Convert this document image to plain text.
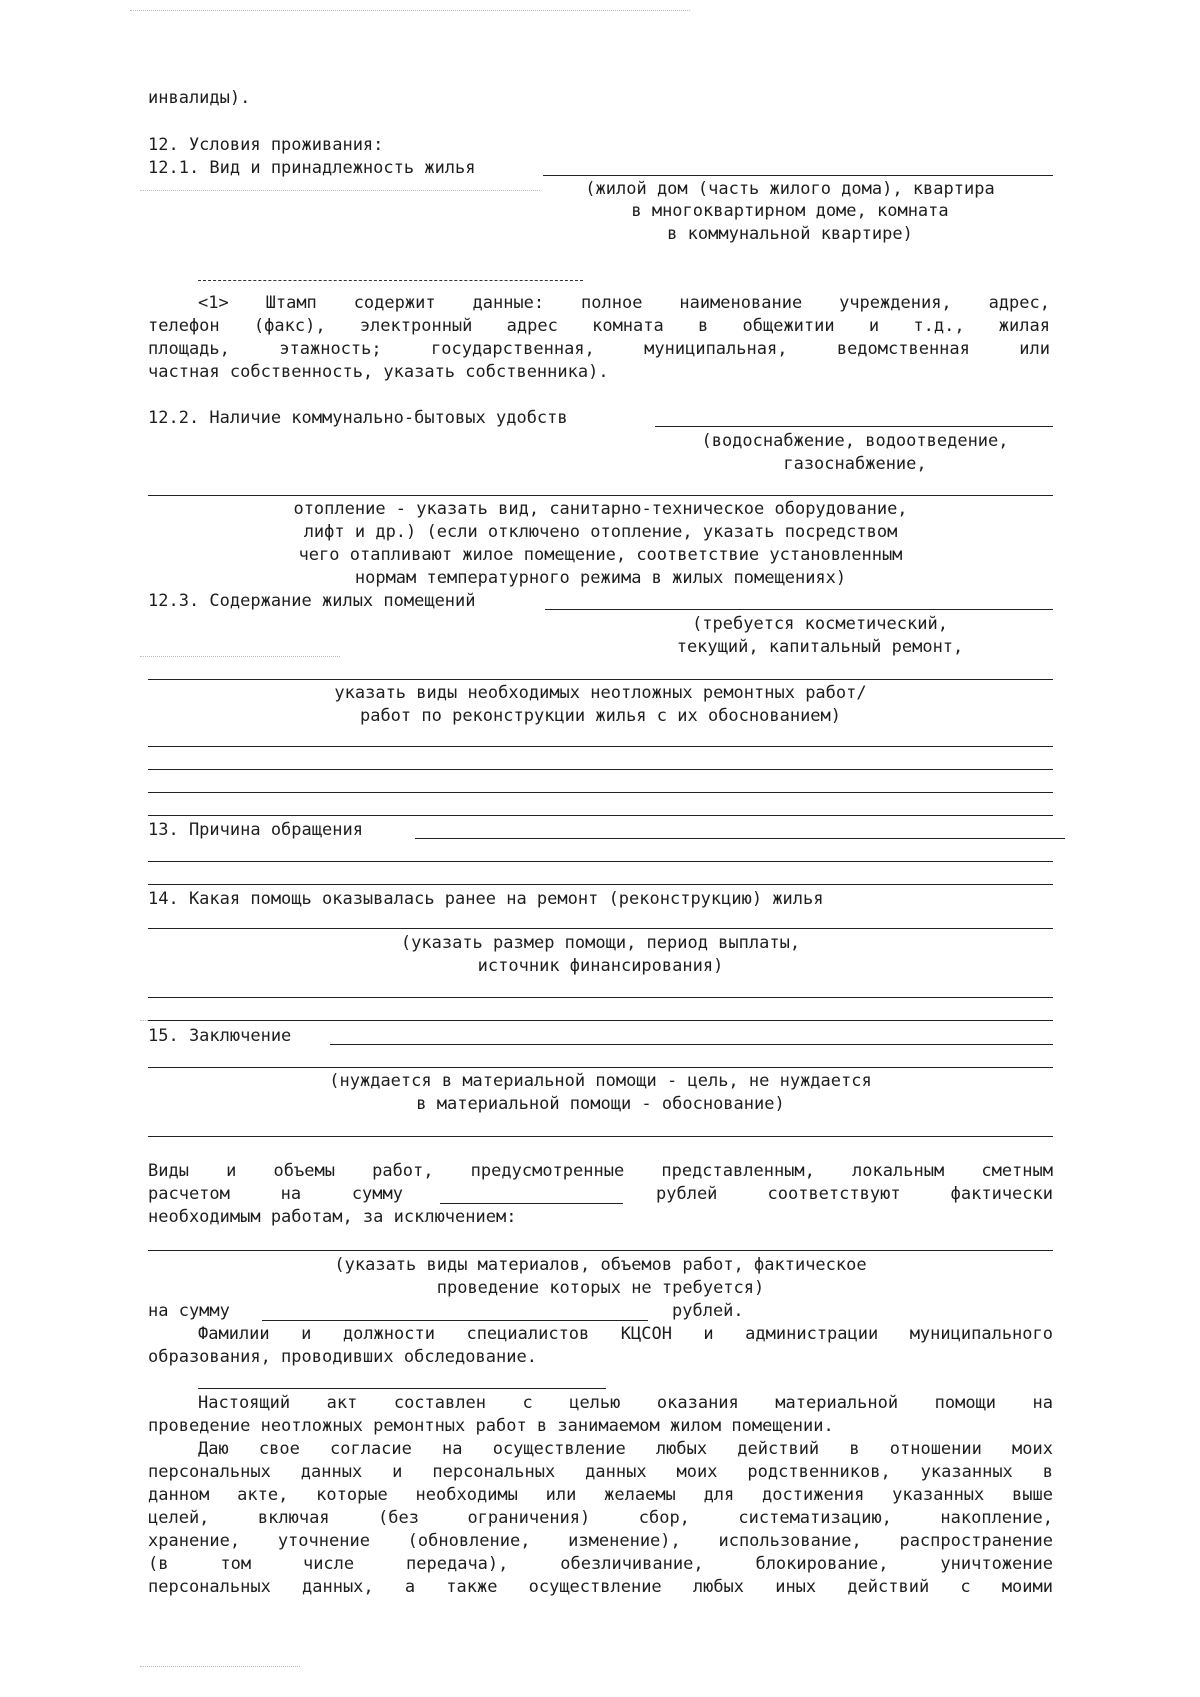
инвалиды).
12. Условия проживания:
12.1. Вид и принадлежность жилья
(жилой дом (часть жилого дома), квартира
в многоквартирном доме, комната
в коммунальной квартире)
<1> Штамп содержит данные: полное наименование учреждения, адрес,
телефон (факс), электронный адрес комната в общежитии и т.д., жилая
площадь, этажность; государственная, муниципальная, ведомственная или
частная собственность, указать собственника).
12.2. Наличие коммунально-бытовых удобств
(водоснабжение, водоотведение,
газоснабжение,
отопление - указать вид, санитарно-техническое оборудование,
лифт и др.) (если отключено отопление, указать посредством
чего отапливают жилое помещение, соответствие установленным
нормам температурного режима в жилых помещениях)
12.3. Содержание жилых помещений
(требуется косметический,
текущий, капитальный ремонт,
указать виды необходимых неотложных ремонтных работ/
работ по реконструкции жилья с их обоснованием)
13. Причина обращения
14. Какая помощь оказывалась ранее на ремонт (реконструкцию) жилья
(указать размер помощи, период выплаты,
источник финансирования)
15. Заключение
(нуждается в материальной помощи - цель, не нуждается
в материальной помощи - обоснование)
Виды и объемы работ, предусмотренные представленным, локальным сметным
расчетом на сумму	рублей соответствуют фактически
необходимым работам, за исключением:
(указать виды материалов, объемов работ, фактическое
проведение которых не требуется)
на сумму	рублей.
Фамилии и должности специалистов КЦСОН и администрации муниципального
образования, проводивших обследование.
Настоящий акт составлен с целью оказания материальной помощи на
проведение неотложных ремонтных работ в занимаемом жилом помещении.
Даю свое согласие на осуществление любых действий в отношении моих
персональных данных и персональных данных моих родственников, указанных в
данном акте, которые необходимы или желаемы для достижения указанных выше
целей, включая (без ограничения) сбор, систематизацию, накопление,
хранение, уточнение (обновление, изменение), использование, распространение
(в том числе передача), обезличивание, блокирование, уничтожение
персональных данных, а также осуществление любых иных действий с моими
